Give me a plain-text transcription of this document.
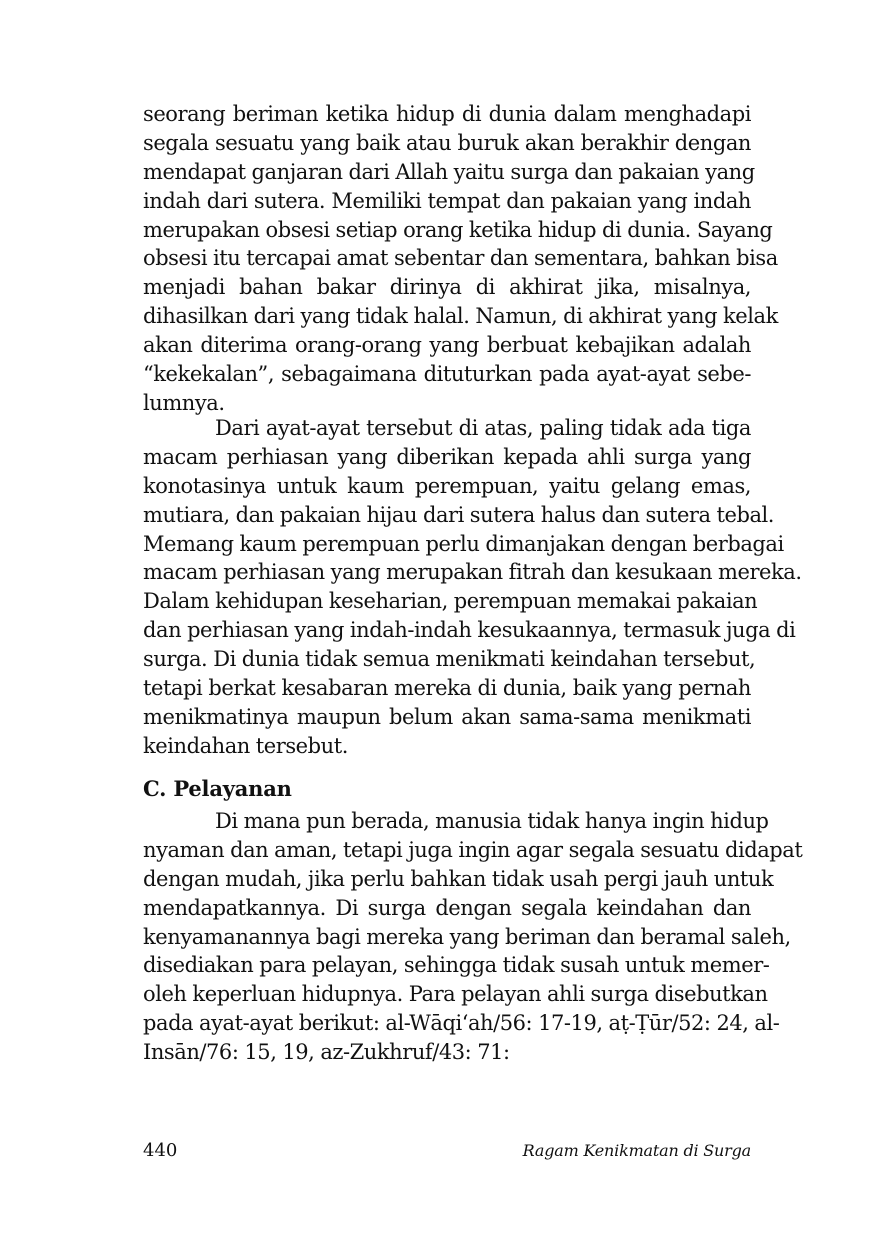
seorang beriman ketika hidup di dunia dalam menghadapi
segala sesuatu yang baik atau buruk akan berakhir dengan
mendapat ganjaran dari Allah yaitu surga dan pakaian yang
indah dari sutera. Memiliki tempat dan pakaian yang indah
merupakan obsesi setiap orang ketika hidup di dunia. Sayang
obsesi itu tercapai amat sebentar dan sementara, bahkan bisa
menjadi bahan bakar dirinya di akhirat jika, misalnya,
dihasilkan dari yang tidak halal. Namun, di akhirat yang kelak
akan diterima orang-orang yang berbuat kebajikan adalah
“kekekalan”, sebagaimana dituturkan pada ayat-ayat sebe-
lumnya.
Dari ayat-ayat tersebut di atas, paling tidak ada tiga
macam perhiasan yang diberikan kepada ahli surga yang
konotasinya untuk kaum perempuan, yaitu gelang emas,
mutiara, dan pakaian hijau dari sutera halus dan sutera tebal.
Memang kaum perempuan perlu dimanjakan dengan berbagai
macam perhiasan yang merupakan fitrah dan kesukaan mereka.
Dalam kehidupan keseharian, perempuan memakai pakaian
dan perhiasan yang indah-indah kesukaannya, termasuk juga di
surga. Di dunia tidak semua menikmati keindahan tersebut,
tetapi berkat kesabaran mereka di dunia, baik yang pernah
menikmatinya maupun belum akan sama-sama menikmati
keindahan tersebut.
C. Pelayanan
Di mana pun berada, manusia tidak hanya ingin hidup
nyaman dan aman, tetapi juga ingin agar segala sesuatu didapat
dengan mudah, jika perlu bahkan tidak usah pergi jauh untuk
mendapatkannya. Di surga dengan segala keindahan dan
kenyamanannya bagi mereka yang beriman dan beramal saleh,
disediakan para pelayan, sehingga tidak susah untuk memer-
oleh keperluan hidupnya. Para pelayan ahli surga disebutkan
pada ayat-ayat berikut: al-Wāqi‘ah/56: 17-19, aṭ-Ṭūr/52: 24, al-
Insān/76: 15, 19, az-Zukhruf/43: 71:
440	Ragam Kenikmatan di Surga
